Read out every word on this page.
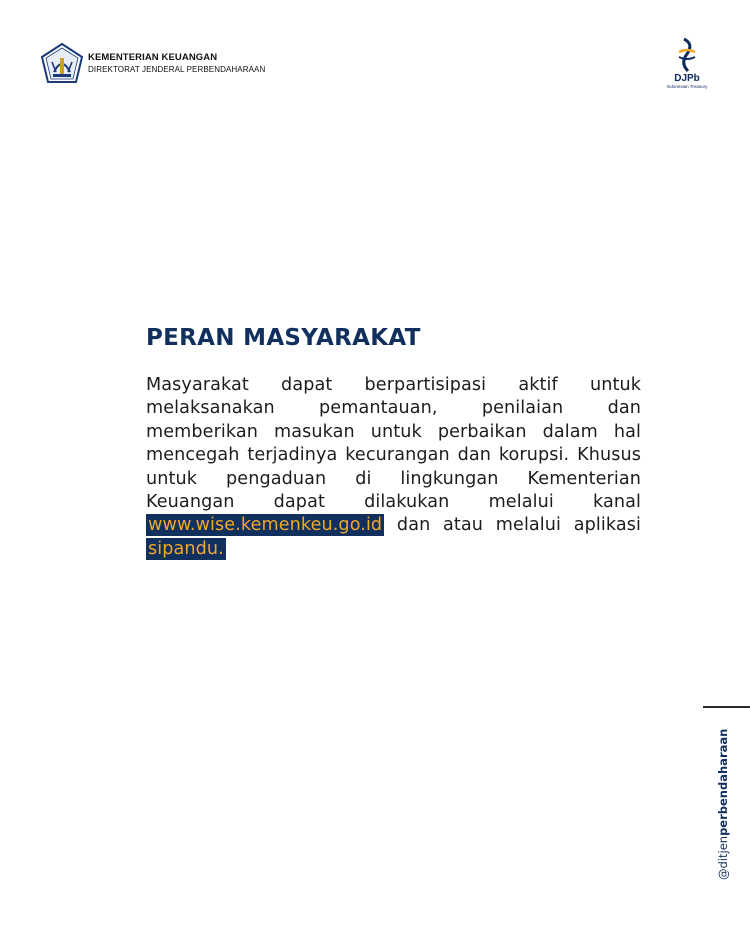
KEMENTERIAN KEUANGAN
DIREKTORAT JENDERAL PERBENDAHARAAN
DJPb
Indonesian Treasury
PERAN MASYARAKAT

Masyarakat dapat berpartisipasi aktif untuk melaksanakan pemantauan, penilaian dan memberikan masukan untuk perbaikan dalam hal mencegah terjadinya kecurangan dan korupsi. Khusus untuk pengaduan di lingkungan Kementerian Keuangan dapat dilakukan melalui kanal www.wise.kemenkeu.go.id dan atau melalui aplikasi sipandu.

@ditjenperbendaharaan
